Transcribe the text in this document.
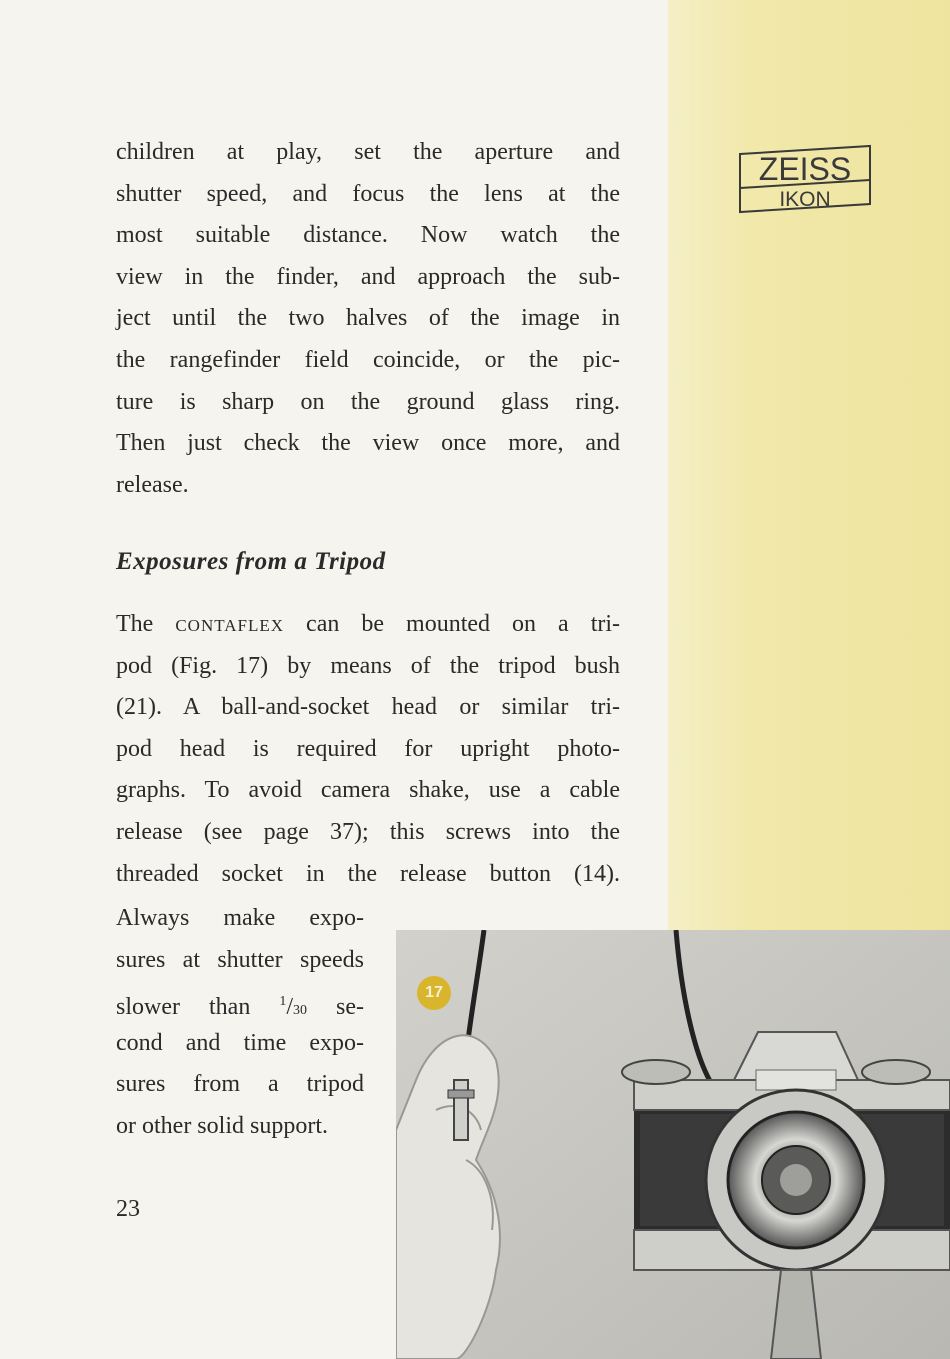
ZEISS
IKON
children at play, set the aperture and
shutter speed, and focus the lens at the
most suitable distance. Now watch the
view in the finder, and approach the sub-
ject until the two halves of the image in
the rangefinder field coincide, or the pic-
ture is sharp on the ground glass ring.
Then just check the view once more, and
release.
Exposures from a Tripod
The contaflex can be mounted on a tri-
pod (Fig. 17) by means of the tripod bush
(21). A ball-and-socket head or similar tri-
pod head is required for upright photo-
graphs. To avoid camera shake, use a cable
release (see page 37); this screws into the
threaded socket in the release button (14).
Always make expo-
sures at shutter speeds
slower than $^1$/30 se-
cond and time expo-
sures from a tripod
or other solid support.
17
23
